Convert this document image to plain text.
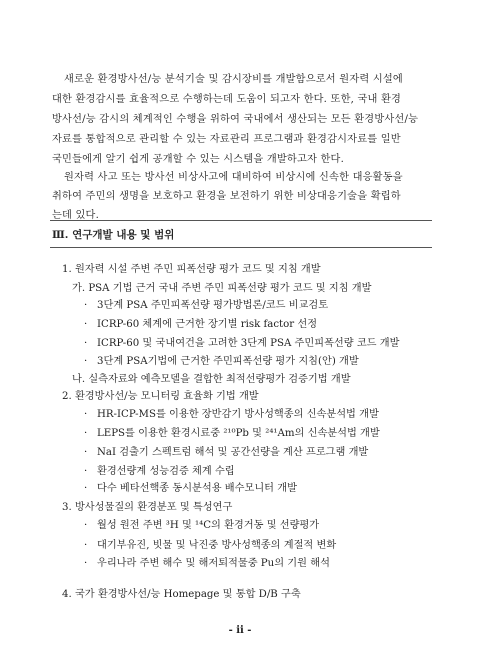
새로운 환경방사선/능 분석기술 및 감시장비를 개발함으로서 원자력 시설에
대한 환경감시를 효율적으로 수행하는데 도움이 되고자 한다. 또한, 국내 환경
방사선/능 감시의 체계적인 수행을 위하여 국내에서 생산되는 모든 환경방사선/능
자료를 통합적으로 관리할 수 있는 자료관리 프로그램과 환경감시자료를 일반
국민들에게 알기 쉽게 공개할 수 있는 시스템을 개발하고자 한다.

원자력 사고 또는 방사선 비상사고에 대비하여 비상시에 신속한 대응활동을
취하여 주민의 생명을 보호하고 환경을 보전하기 위한 비상대응기술을 확립하
는데 있다.

Ⅲ. 연구개발 내용 및 범위
1. 원자력 시설 주변 주민 피폭선량 평가 코드 및 지침 개발
가. PSA 기법 근거 국내 주변 주민 피폭선량 평가 코드 및 지침 개발
· 3단계 PSA 주민피폭선량 평가방법론/코드 비교검토
· ICRP-60 체계에 근거한 장기별 risk factor 선정
· ICRP-60 및 국내여건을 고려한 3단계 PSA 주민피폭선량 코드 개발
· 3단계 PSA기법에 근거한 주민피폭선량 평가 지침(안) 개발
나. 실측자료와 예측모델을 결합한 최적선량평가 검증기법 개발
2. 환경방사선/능 모니터링 효율화 기법 개발
· HR-ICP-MS를 이용한 장반감기 방사성핵종의 신속분석법 개발
· LEPS를 이용한 환경시료중 ²¹⁰Pb 및 ²⁴¹Am의 신속분석법 개발
· NaI 검출기 스펙트럼 해석 및 공간선량을 계산 프로그램 개발
· 환경선량계 성능검증 체계 수립
· 다수 베타선핵종 동시분석용 배수모니터 개발
3. 방사성물질의 환경분포 및 특성연구
· 월성 원전 주변 ³H 및 ¹⁴C의 환경거동 및 선량평가
· 대기부유진, 빗물 및 낙진중 방사성핵종의 계절적 변화
· 우리나라 주변 해수 및 해저퇴적물중 Pu의 기원 해석
4. 국가 환경방사선/능 Homepage 및 통합 D/B 구축
- ii -
